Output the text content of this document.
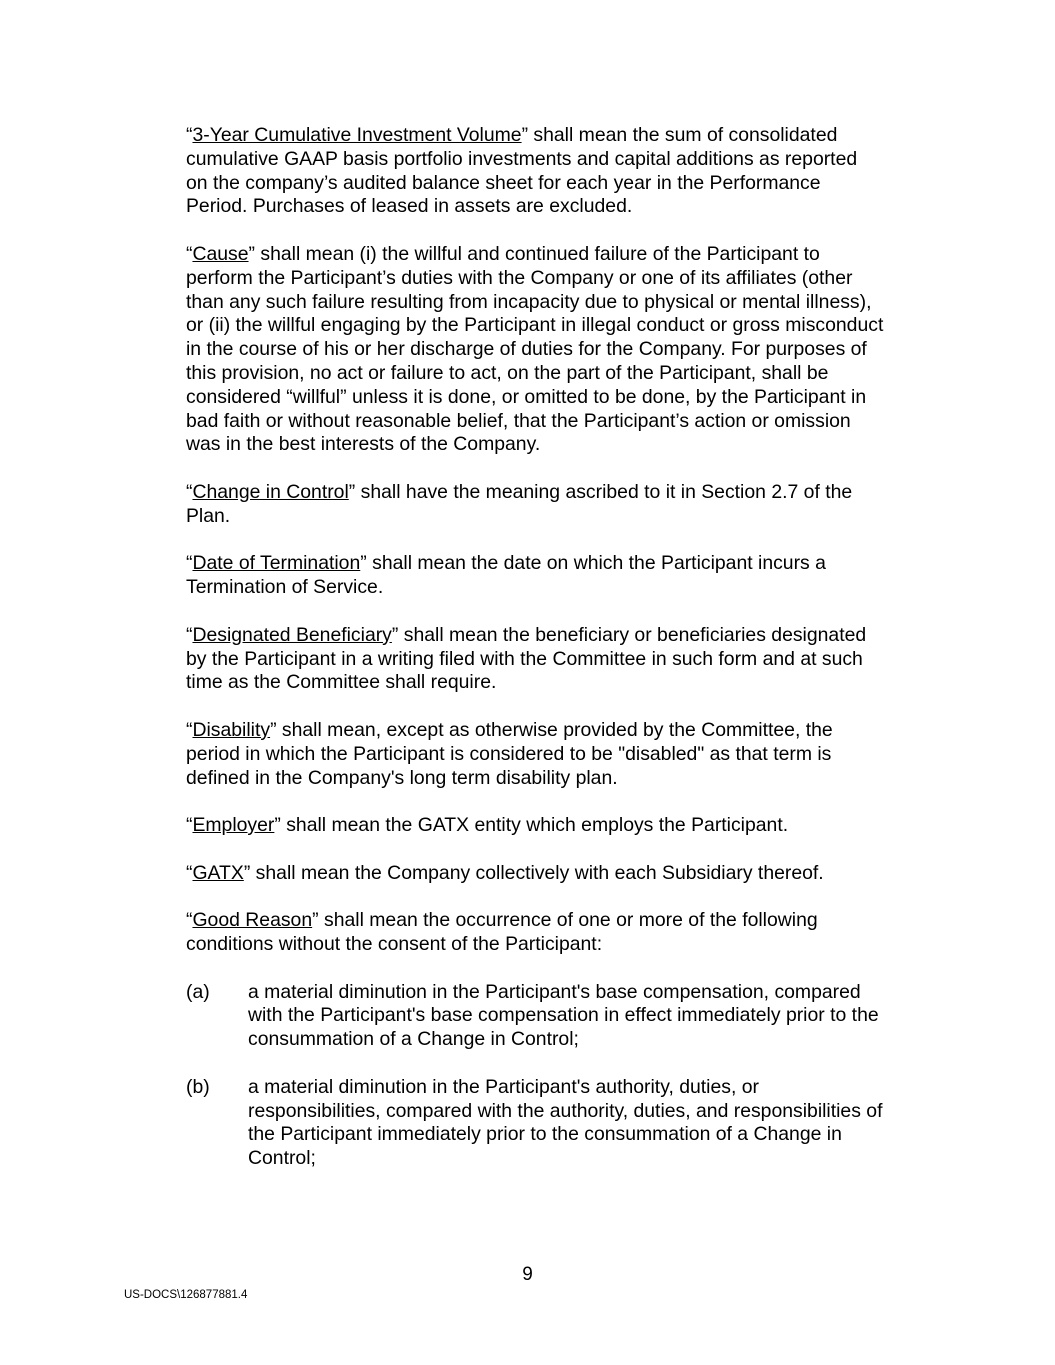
“3-Year Cumulative Investment Volume” shall mean the sum of consolidated
cumulative GAAP basis portfolio investments and capital additions as reported
on the company’s audited balance sheet for each year in the Performance
Period. Purchases of leased in assets are excluded.
“Cause” shall mean (i) the willful and continued failure of the Participant to
perform the Participant’s duties with the Company or one of its affiliates (other
than any such failure resulting from incapacity due to physical or mental illness),
or (ii) the willful engaging by the Participant in illegal conduct or gross misconduct
in the course of his or her discharge of duties for the Company. For purposes of
this provision, no act or failure to act, on the part of the Participant, shall be
considered “willful” unless it is done, or omitted to be done, by the Participant in
bad faith or without reasonable belief, that the Participant’s action or omission
was in the best interests of the Company.
“Change in Control” shall have the meaning ascribed to it in Section 2.7 of the
Plan.
“Date of Termination” shall mean the date on which the Participant incurs a
Termination of Service.
“Designated Beneficiary” shall mean the beneficiary or beneficiaries designated
by the Participant in a writing filed with the Committee in such form and at such
time as the Committee shall require.
“Disability” shall mean, except as otherwise provided by the Committee, the
period in which the Participant is considered to be "disabled" as that term is
defined in the Company's long term disability plan.
“Employer” shall mean the GATX entity which employs the Participant.
“GATX” shall mean the Company collectively with each Subsidiary thereof.
“Good Reason” shall mean the occurrence of one or more of the following
conditions without the consent of the Participant:
(a)	a material diminution in the Participant's base compensation, compared
with the Participant's base compensation in effect immediately prior to the
consummation of a Change in Control;
(b)	a material diminution in the Participant's authority, duties, or
responsibilities, compared with the authority, duties, and responsibilities of
the Participant immediately prior to the consummation of a Change in
Control;
9
US-DOCS\126877881.4
